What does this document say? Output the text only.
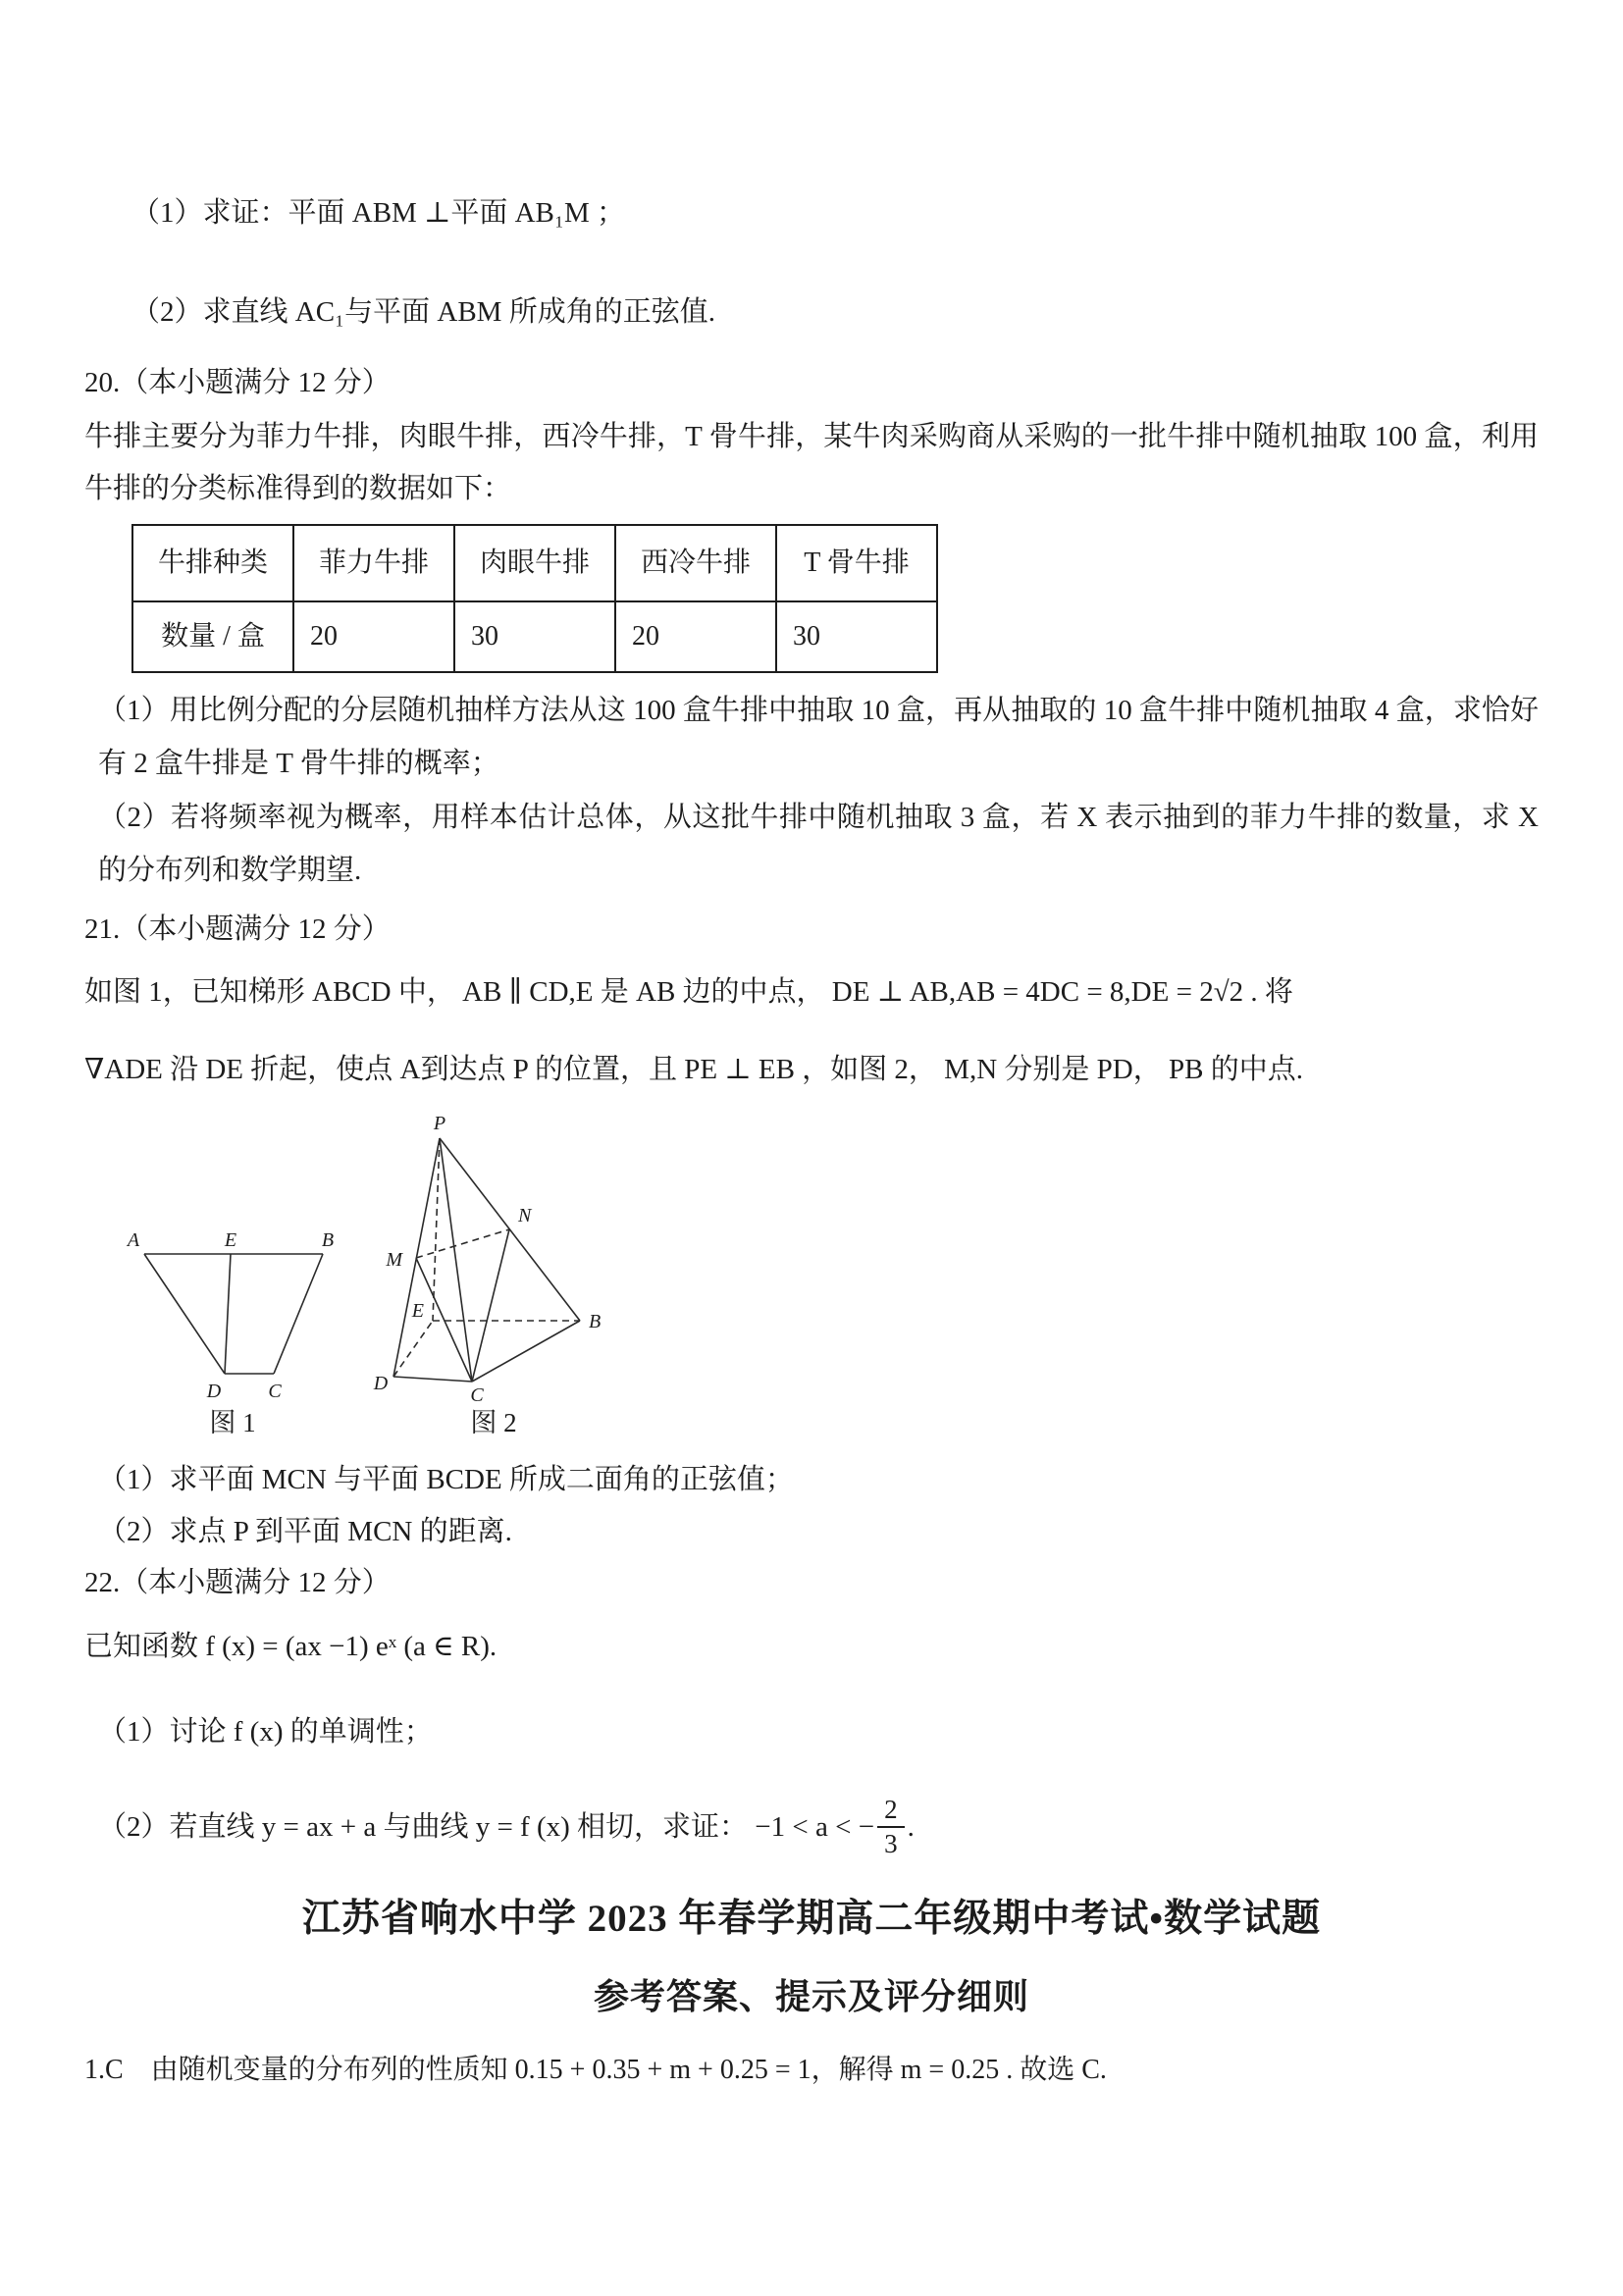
（1）求证：平面 ABM ⊥平面 AB₁M ；

（2）求直线 AC₁与平面 ABM 所成角的正弦值.

20.（本小题满分 12 分）

牛排主要分为菲力牛排，肉眼牛排，西冷牛排，T 骨牛排，某牛肉采购商从采购的一批牛排中随机抽取 100 盒，利用牛排的分类标准得到的数据如下：

牛排种类	菲力牛排	肉眼牛排	西冷牛排	T 骨牛排
数量 / 盒	20	30	20	30

（1）用比例分配的分层随机抽样方法从这 100 盒牛排中抽取 10 盒，再从抽取的 10 盒牛排中随机抽取 4 盒，求恰好有 2 盒牛排是 T 骨牛排的概率；

（2）若将频率视为概率，用样本估计总体，从这批牛排中随机抽取 3 盒，若 X 表示抽到的菲力牛排的数量，求 X 的分布列和数学期望.

21.（本小题满分 12 分）

如图 1，已知梯形 ABCD 中， AB ∥ CD,E 是 AB 边的中点， DE ⊥ AB,AB = 4DC = 8,DE = 2√2 . 将

∇ADE 沿 DE 折起，使点 A到达点 P 的位置，且 PE ⊥ EB ，如图 2， M,N 分别是 PD， PB 的中点.

A	E	B
D C
图 1
P
M
N
E	B
D
C
图 2

（1）求平面 MCN 与平面 BCDE 所成二面角的正弦值；

（2）求点 P 到平面 MCN 的距离.

22.（本小题满分 12 分）

已知函数 f (x) = (ax −1) eˣ (a ∈ R).

（1）讨论 f (x) 的单调性；

（2）若直线 y = ax + a 与曲线 y = f (x) 相切，求证： −1 < a < − $\frac{2}{3}$ .

江苏省响水中学 2023 年春学期高二年级期中考试•数学试题
参考答案、提示及评分细则

1.C　由随机变量的分布列的性质知 0.15 + 0.35 + m + 0.25 = 1，解得 m = 0.25 . 故选 C.
